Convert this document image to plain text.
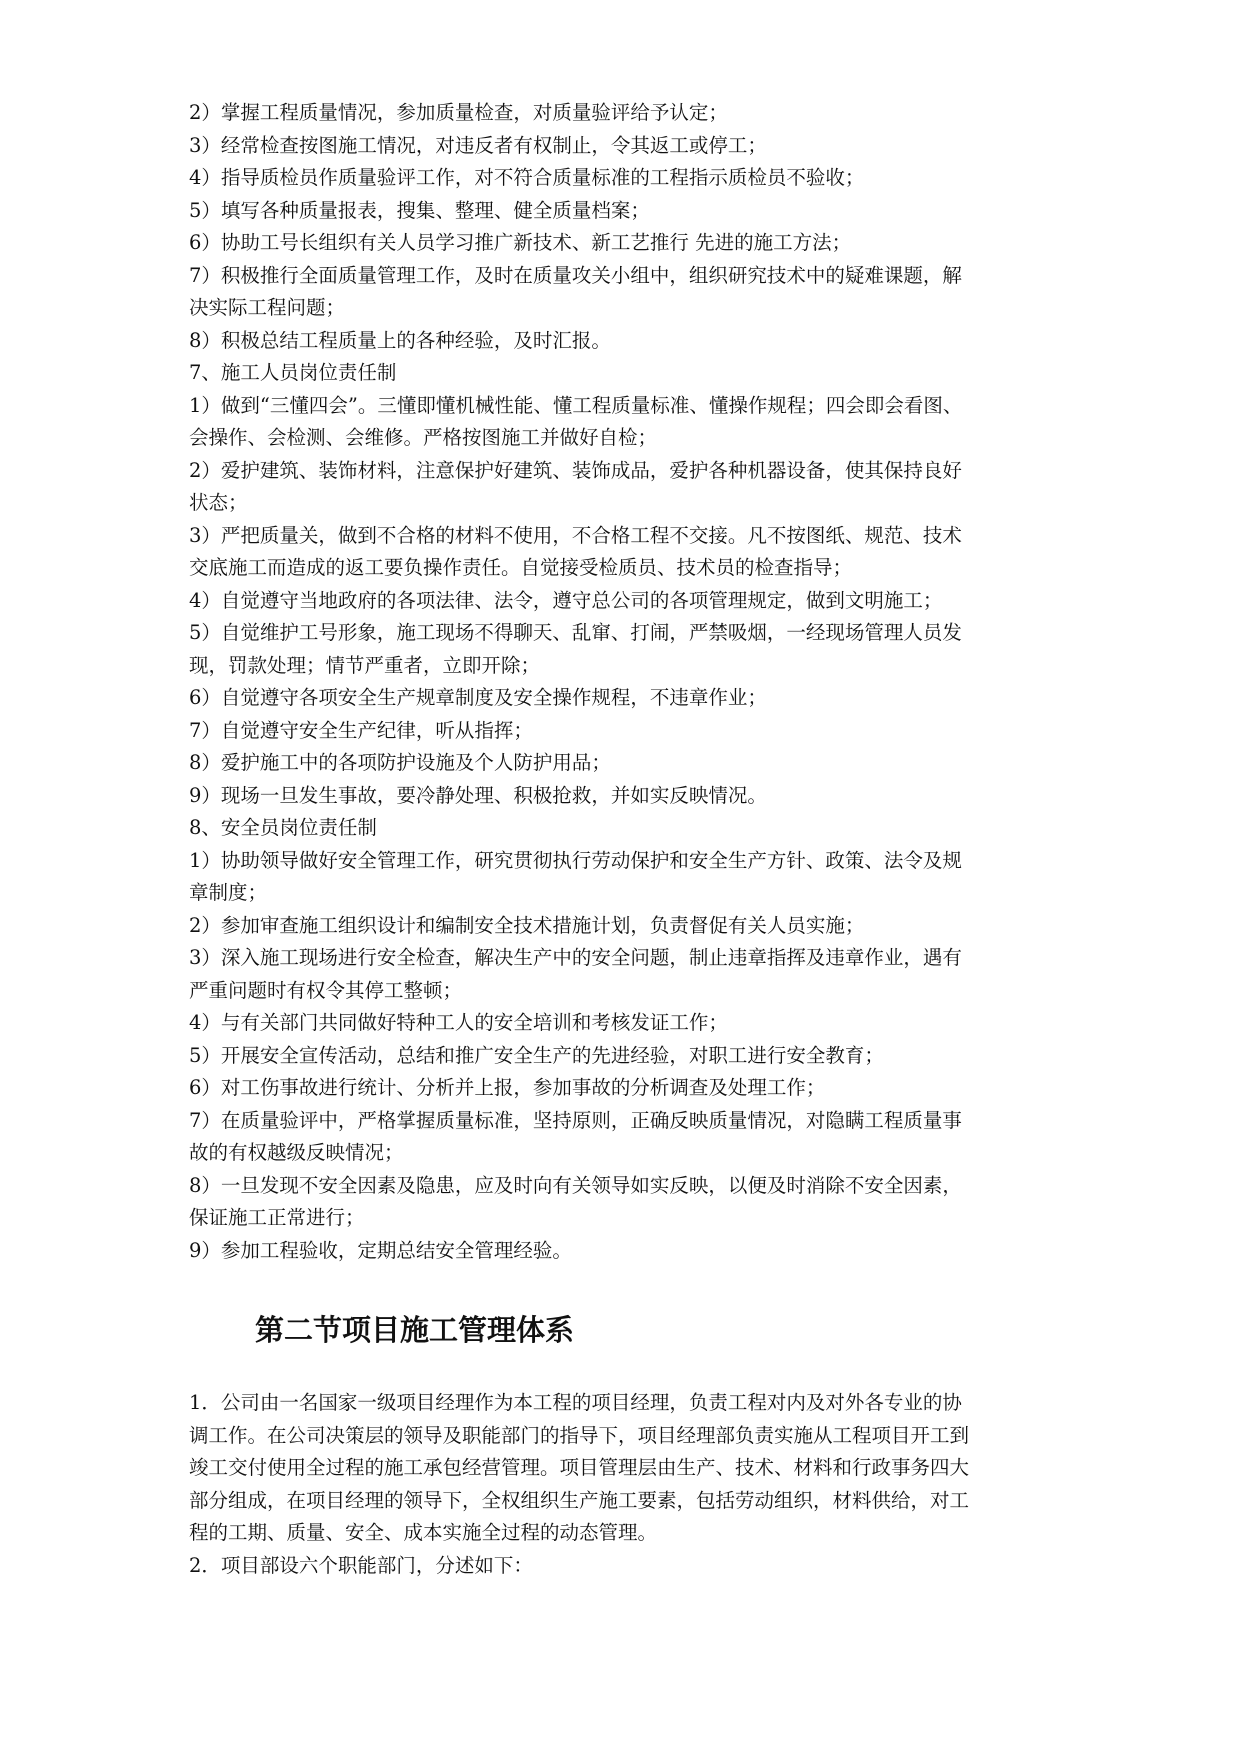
2）掌握工程质量情况，参加质量检查，对质量验评给予认定；

3）经常检查按图施工情况，对违反者有权制止，令其返工或停工；

4）指导质检员作质量验评工作，对不符合质量标准的工程指示质检员不验收；

5）填写各种质量报表，搜集、整理、健全质量档案；

6）协助工号长组织有关人员学习推广新技术、新工艺推行 先进的施工方法；

7）积极推行全面质量管理工作，及时在质量攻关小组中，组织研究技术中的疑难课题，解

决实际工程问题；

8）积极总结工程质量上的各种经验，及时汇报。

7、施工人员岗位责任制

1）做到“三懂四会”。三懂即懂机械性能、懂工程质量标准、懂操作规程；四会即会看图、

会操作、会检测、会维修。严格按图施工并做好自检；

2）爱护建筑、装饰材料，注意保护好建筑、装饰成品，爱护各种机器设备，使其保持良好

状态；

3）严把质量关，做到不合格的材料不使用，不合格工程不交接。凡不按图纸、规范、技术

交底施工而造成的返工要负操作责任。自觉接受检质员、技术员的检查指导；

4）自觉遵守当地政府的各项法律、法令，遵守总公司的各项管理规定，做到文明施工；

5）自觉维护工号形象，施工现场不得聊天、乱窜、打闹，严禁吸烟，一经现场管理人员发

现，罚款处理；情节严重者，立即开除；

6）自觉遵守各项安全生产规章制度及安全操作规程，不违章作业；

7）自觉遵守安全生产纪律，听从指挥；

8）爱护施工中的各项防护设施及个人防护用品；

9）现场一旦发生事故，要冷静处理、积极抢救，并如实反映情况。

8、安全员岗位责任制

1）协助领导做好安全管理工作，研究贯彻执行劳动保护和安全生产方针、政策、法令及规

章制度；

2）参加审查施工组织设计和编制安全技术措施计划，负责督促有关人员实施；

3）深入施工现场进行安全检查，解决生产中的安全问题，制止违章指挥及违章作业，遇有

严重问题时有权令其停工整顿；

4）与有关部门共同做好特种工人的安全培训和考核发证工作；

5）开展安全宣传活动，总结和推广安全生产的先进经验，对职工进行安全教育；

6）对工伤事故进行统计、分析并上报，参加事故的分析调查及处理工作；

7）在质量验评中，严格掌握质量标准，坚持原则，正确反映质量情况，对隐瞒工程质量事

故的有权越级反映情况；

8）一旦发现不安全因素及隐患，应及时向有关领导如实反映，以便及时消除不安全因素，

保证施工正常进行；

9）参加工程验收，定期总结安全管理经验。

第二节项目施工管理体系

1．公司由一名国家一级项目经理作为本工程的项目经理，负责工程对内及对外各专业的协

调工作。在公司决策层的领导及职能部门的指导下，项目经理部负责实施从工程项目开工到

竣工交付使用全过程的施工承包经营管理。项目管理层由生产、技术、材料和行政事务四大

部分组成，在项目经理的领导下，全权组织生产施工要素，包括劳动组织，材料供给，对工

程的工期、质量、安全、成本实施全过程的动态管理。

2．项目部设六个职能部门，分述如下：
